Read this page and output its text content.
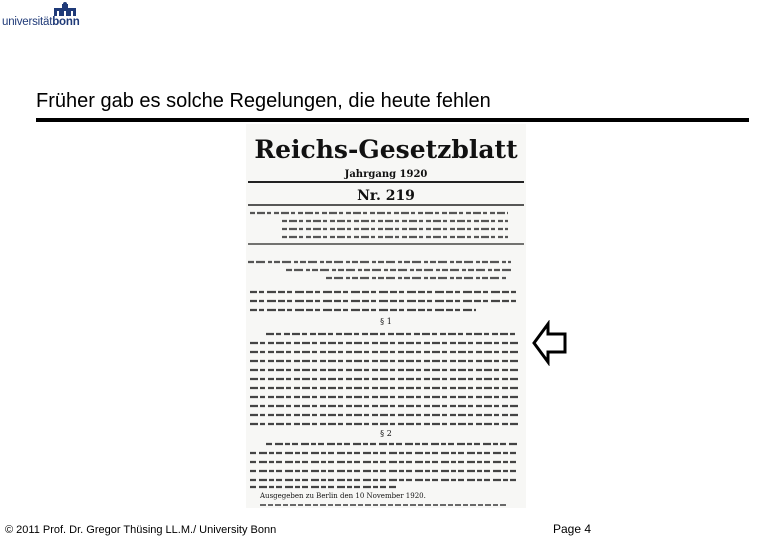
universitätbonn
Früher gab es solche Regelungen, die heute fehlen
Reichs-Gesetzblatt
Jahrgang 1920
Nr. 219
§ 1
§ 2
Ausgegeben zu Berlin den 10 November 1920.
© 2011 Prof. Dr. Gregor Thüsing LL.M./ University Bonn	Page 4
